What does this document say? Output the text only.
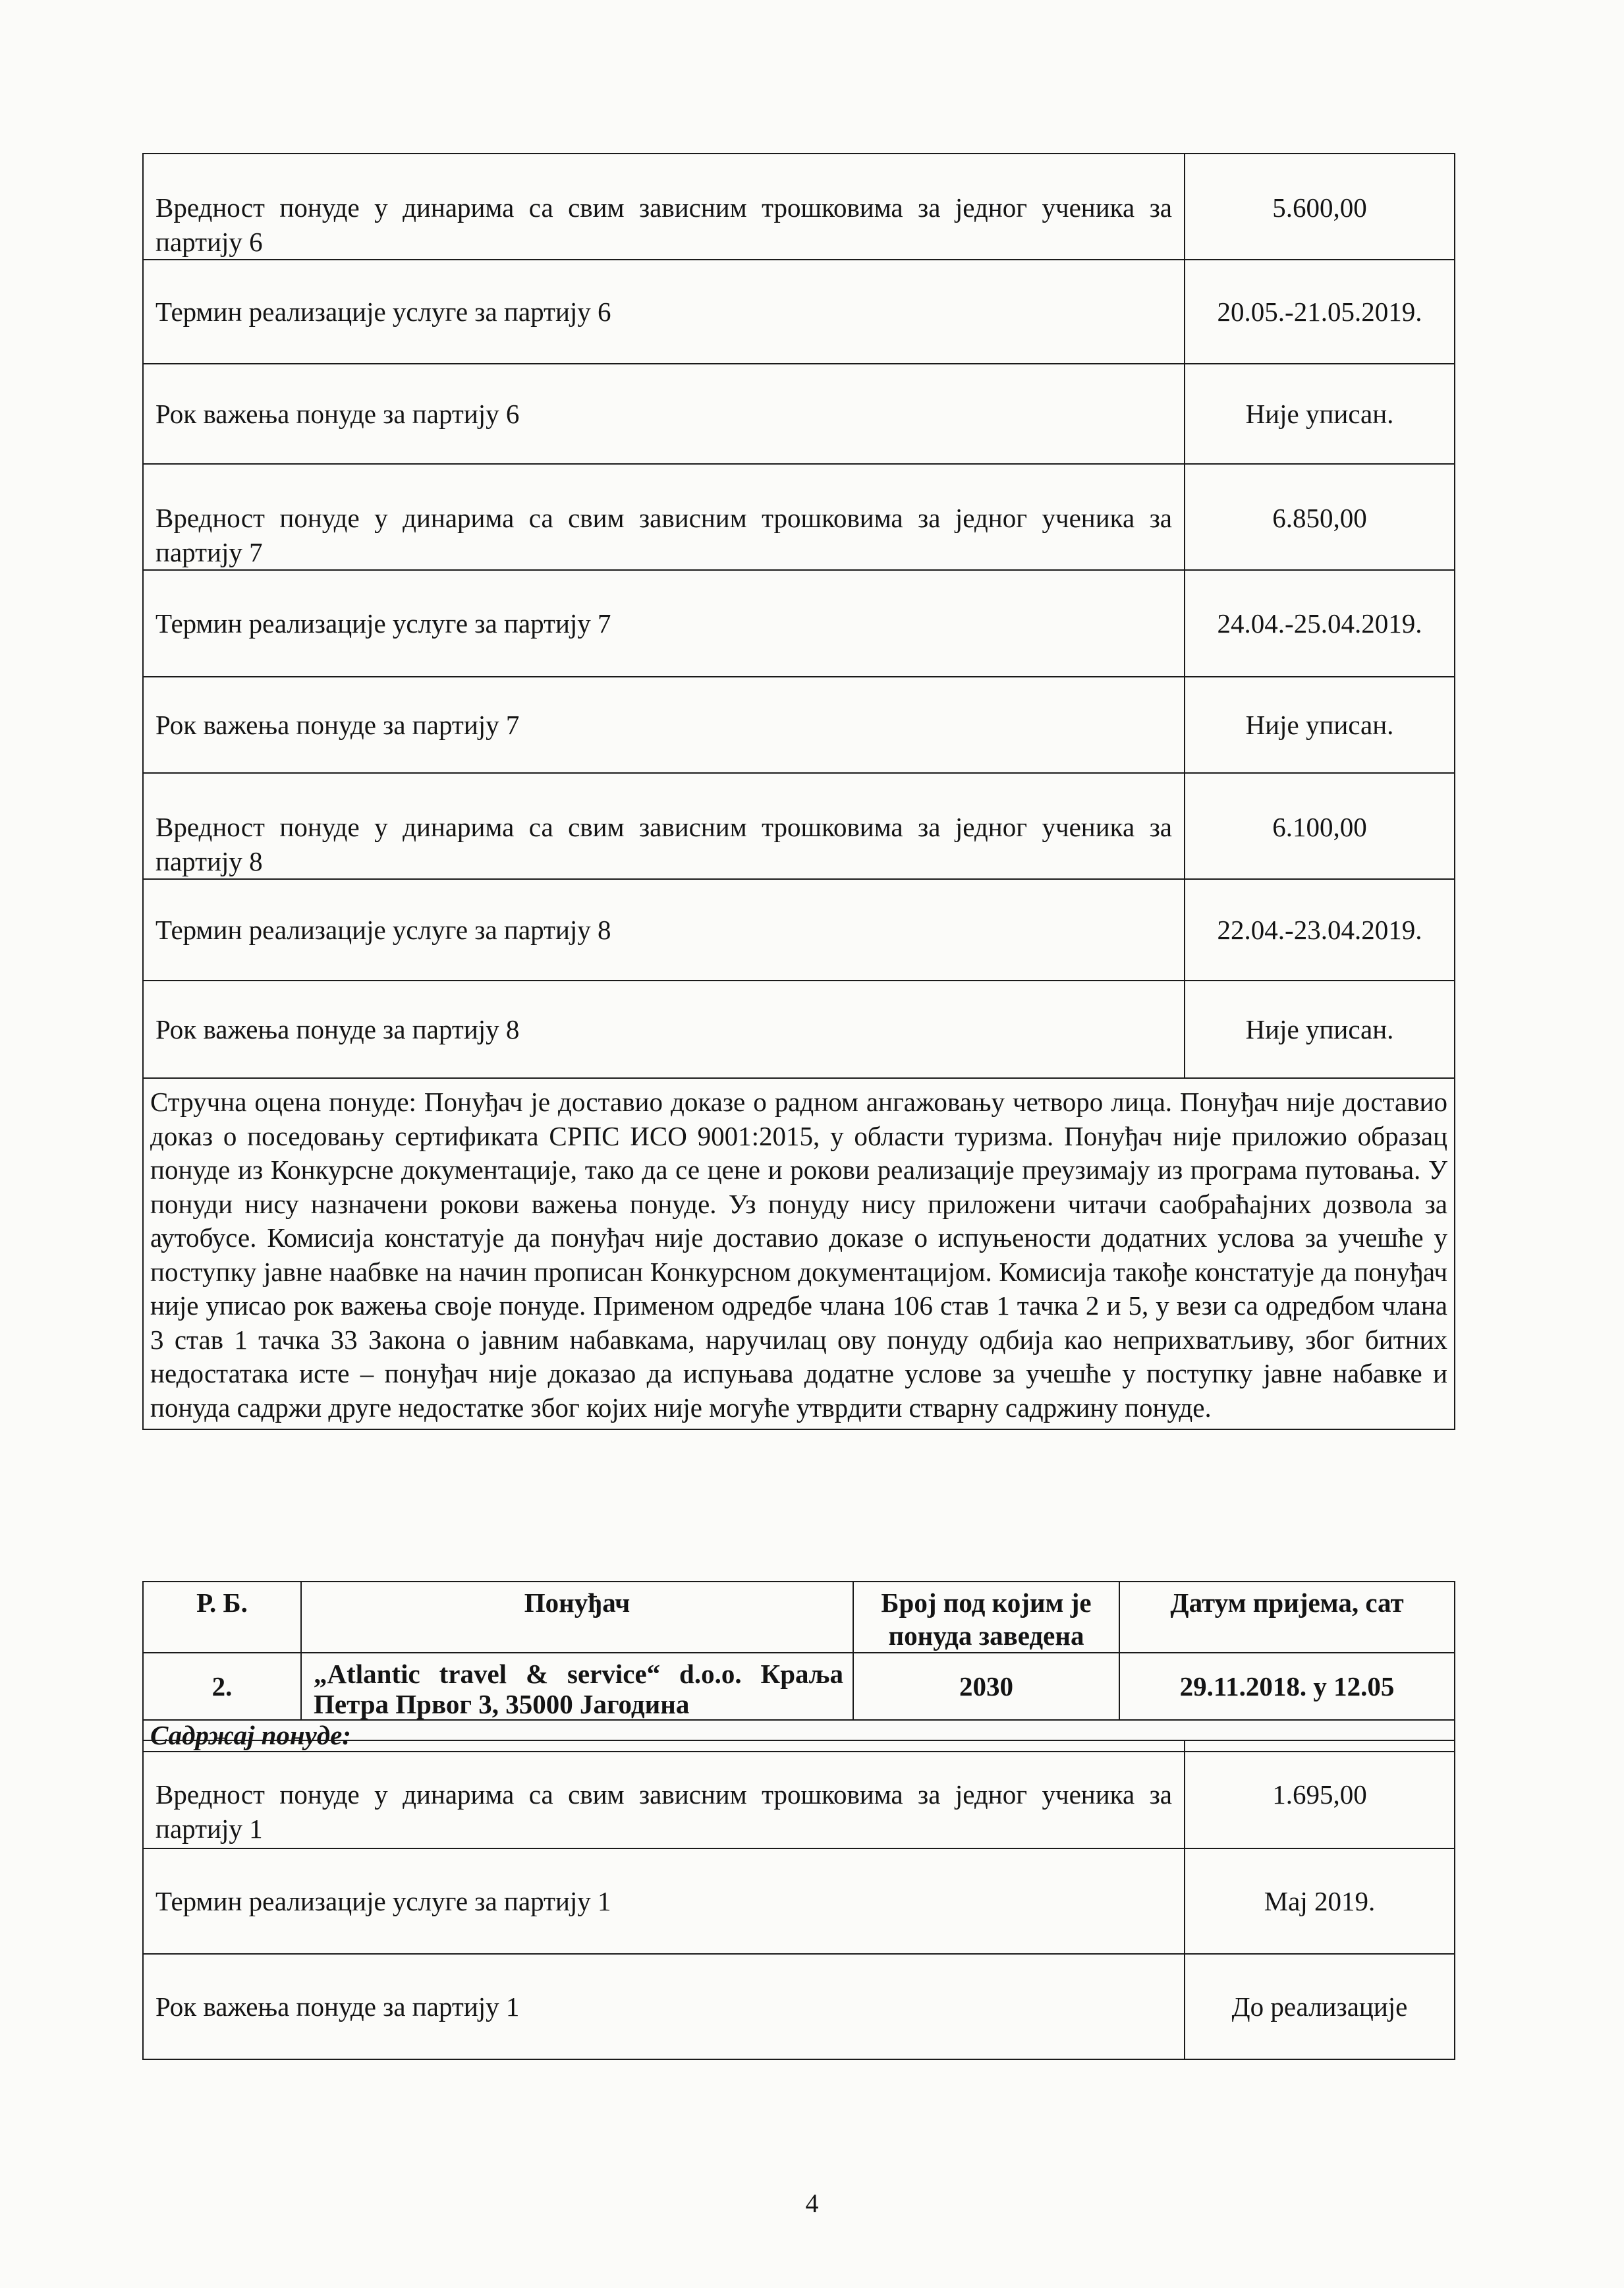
Вредност понуде у динарима са свим зависним трошковима за једног ученика за партију 6	5.600,00
Термин реализације услуге за партију 6	20.05.-21.05.2019.
Рок важења понуде за партију 6	Није уписан.
Вредност понуде у динарима са свим зависним трошковима за једног ученика за партију 7	6.850,00
Термин реализације услуге за партију 7	24.04.-25.04.2019.
Рок важења понуде за партију 7	Није уписан.
Вредност понуде у динарима са свим зависним трошковима за једног ученика за партију 8	6.100,00
Термин реализације услуге за партију 8	22.04.-23.04.2019.
Рок важења понуде за партију 8	Није уписан.
Стручна оцена понуде: Понуђач је доставио доказе о радном ангажовању четворо лица. Понуђач није доставио доказ о поседовању сертификата СРПС ИСО 9001:2015, у области туризма. Понуђач није приложио образац понуде из Конкурсне документације, тако да се цене и рокови реализације преузимају из програма путовања. У понуди нису назначени рокови важења понуде. Уз понуду нису приложени читачи саобраћајних дозвола за аутобусе. Комисија констатује да понуђач није доставио доказе о испуњености додатних услова за учешће у поступку јавне наабвке на начин прописан Конкурсном документацијом. Комисија такође констатује да понуђач није уписао рок важења своје понуде. Применом одредбе члана 106 став 1 тачка 2 и 5, у вези са одредбом члана 3 став 1 тачка 33 Закона о јавним набавкама, наручилац ову понуду одбија као неприхватљиву, због битних недостатака исте – понуђач није доказао да испуњава додатне услове за учешће у поступку јавне набавке и понуда садржи друге недостатке због којих није могуће утврдити стварну садржину понуде.	
Р. Б.	Понуђач	Број под којим је понуда заведена	Датум пријема, сат
2.	„Atlantic travel & service“ d.o.o. Краља Петра Првог 3, 35000 Јагодина	2030	29.11.2018. у 12.05
Садржај понуде:			
Вредност понуде у динарима са свим зависним трошковима за једног ученика за партију 1	1.695,00
Термин реализације услуге за партију 1	Мај 2019.
Рок важења понуде за партију 1	До реализације
4
